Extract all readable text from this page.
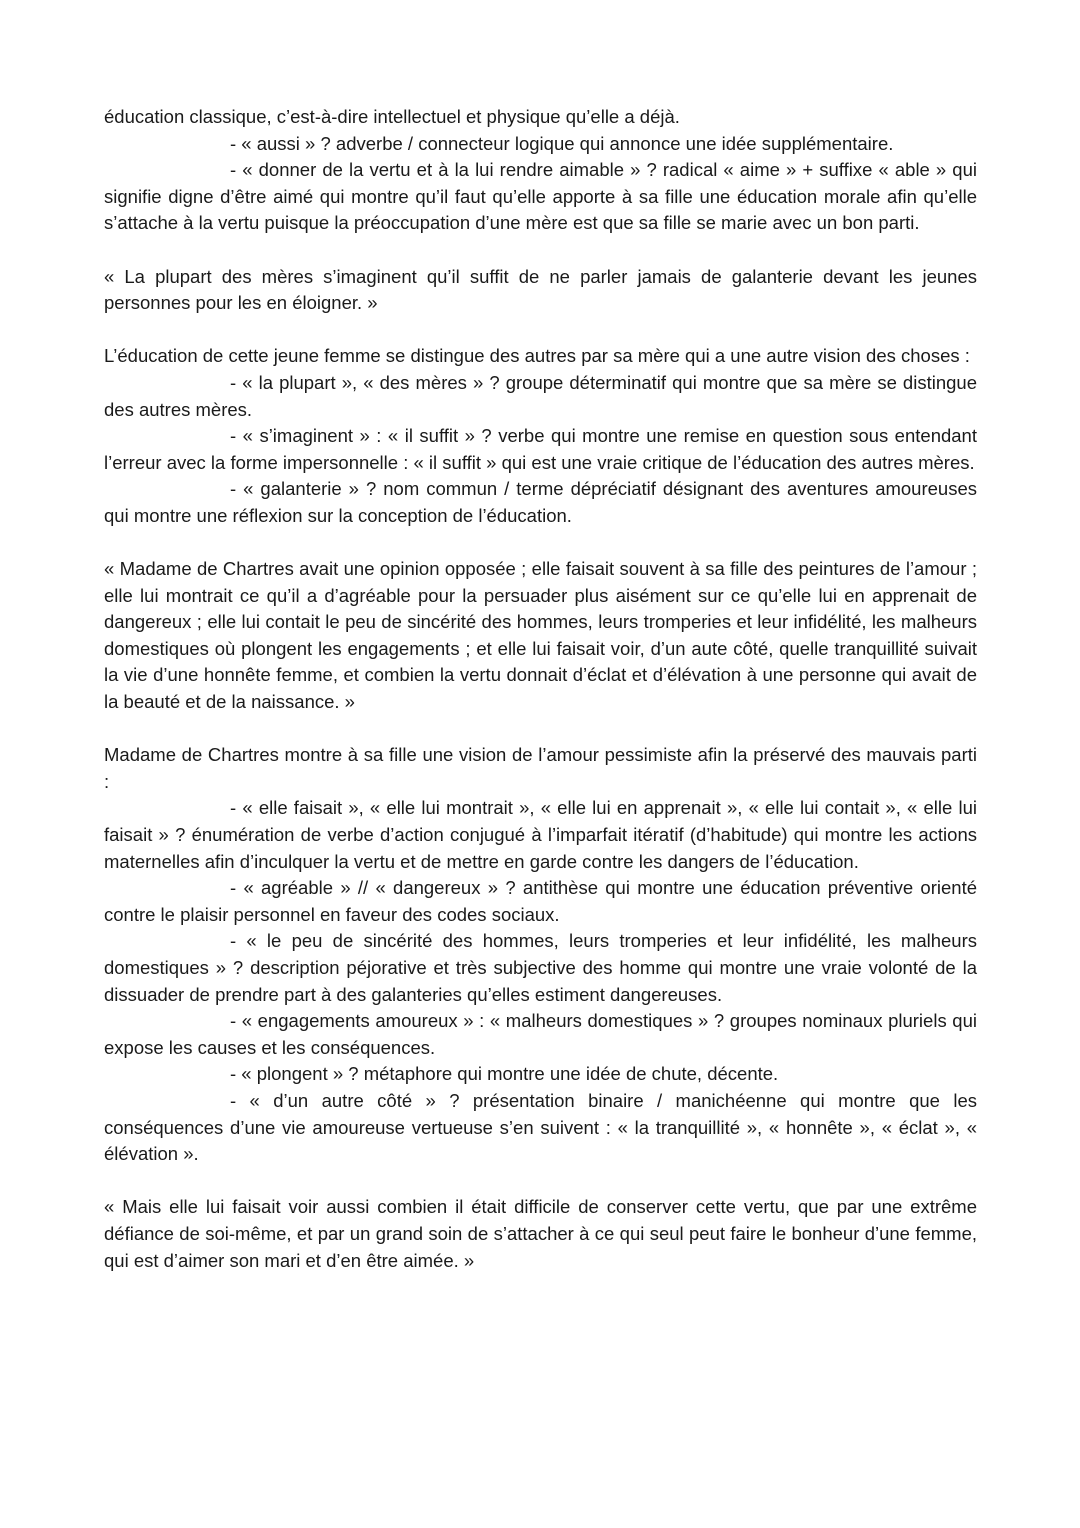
éducation classique, c’est-à-dire intellectuel et physique qu’elle a déjà.

- « aussi » ? adverbe / connecteur logique qui annonce une idée supplémentaire.

- « donner de la vertu et à la lui rendre aimable » ? radical « aime » + suffixe « able » qui signifie digne d’être aimé qui montre qu’il faut qu’elle apporte à sa fille une éducation morale afin qu’elle s’attache à la vertu puisque la préoccupation d’une mère est que sa fille se marie avec un bon parti.

« La plupart des mères s’imaginent qu’il suffit de ne parler jamais de galanterie devant les jeunes personnes pour les en éloigner. »

L’éducation de cette jeune femme se distingue des autres par sa mère qui a une autre vision des choses :

- « la plupart », « des mères » ? groupe déterminatif qui montre que sa mère se distingue des autres mères.

- « s’imaginent » : « il suffit » ? verbe qui montre une remise en question sous entendant l’erreur avec la forme impersonnelle : « il suffit » qui est une vraie critique de l’éducation des autres mères.

- « galanterie » ? nom commun / terme dépréciatif désignant des aventures amoureuses qui montre une réflexion sur la conception de l’éducation.

« Madame de Chartres avait une opinion opposée ; elle faisait souvent à sa fille des peintures de l’amour ; elle lui montrait ce qu’il a d’agréable pour la persuader plus aisément sur ce qu’elle lui en apprenait de dangereux ; elle lui contait le peu de sincérité des hommes, leurs tromperies et leur infidélité, les malheurs domestiques où plongent les engagements ; et elle lui faisait voir, d’un aute côté, quelle tranquillité suivait la vie d’une honnête femme, et combien la vertu donnait d’éclat et d’élévation à une personne qui avait de la beauté et de la naissance. »

Madame de Chartres montre à sa fille une vision de l’amour pessimiste afin la préservé des mauvais parti :

- « elle faisait », « elle lui montrait », « elle lui en apprenait », « elle lui contait », « elle lui faisait » ? énumération de verbe d’action conjugué à l’imparfait itératif (d’habitude) qui montre les actions maternelles afin d’inculquer la vertu et de mettre en garde contre les dangers de l’éducation.

- « agréable » // « dangereux » ? antithèse qui montre une éducation préventive orienté contre le plaisir personnel en faveur des codes sociaux.

- « le peu de sincérité des hommes, leurs tromperies et leur infidélité, les malheurs domestiques » ? description péjorative et très subjective des homme qui montre une vraie volonté de la dissuader de prendre part à des galanteries qu’elles estiment dangereuses.

- « engagements amoureux » : « malheurs domestiques » ? groupes nominaux pluriels qui expose les causes et les conséquences.

- « plongent » ? métaphore qui montre une idée de chute, décente.

- « d’un autre côté » ? présentation binaire / manichéenne qui montre que les conséquences d’une vie amoureuse vertueuse s’en suivent : « la tranquillité », « honnête », « éclat », « élévation ».

« Mais elle lui faisait voir aussi combien il était difficile de conserver cette vertu, que par une extrême défiance de soi-même, et par un grand soin de s’attacher à ce qui seul peut faire le bonheur d’une femme, qui est d’aimer son mari et d’en être aimée. »
